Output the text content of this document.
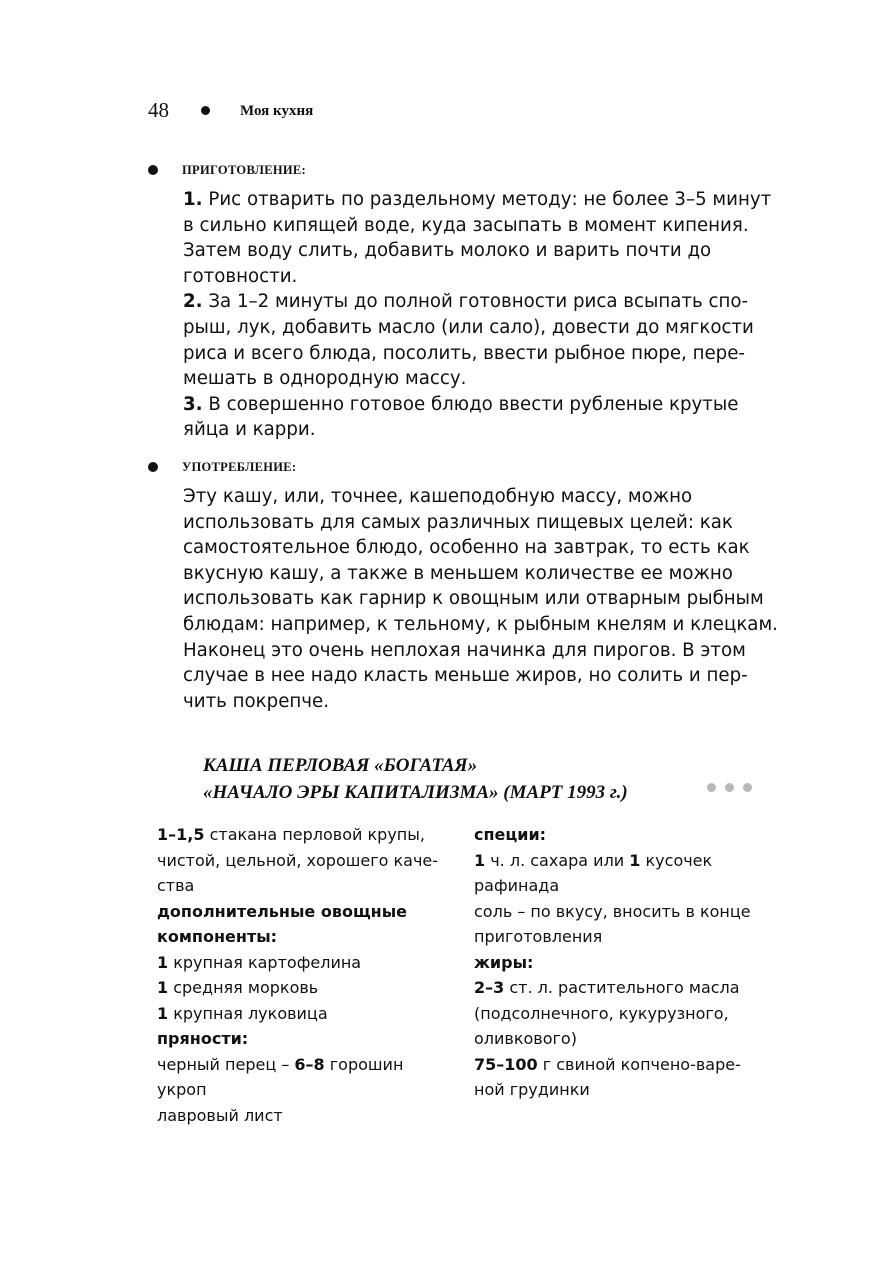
48	Моя кухня
ПРИГОТОВЛЕНИЕ:

1. Рис отварить по раздельному методу: не более 3–5 минут
в сильно кипящей воде, куда засыпать в момент кипения.
Затем воду слить, добавить молоко и варить почти до
готовности.

2. За 1–2 минуты до полной готовности риса всыпать спо-
рыш, лук, добавить масло (или сало), довести до мягкости
риса и всего блюда, посолить, ввести рыбное пюре, пере-
мешать в однородную массу.

3. В совершенно готовое блюдо ввести рубленые крутые
яйца и карри.

УПОТРЕБЛЕНИЕ:
Эту кашу, или, точнее, кашеподобную массу, можно
использовать для самых различных пищевых целей: как
самостоятельное блюдо, особенно на завтрак, то есть как
вкусную кашу, а также в меньшем количестве ее можно
использовать как гарнир к овощным или отварным рыбным
блюдам: например, к тельному, к рыбным кнелям и клецкам.
Наконец это очень неплохая начинка для пирогов. В этом
случае в нее надо класть меньше жиров, но солить и пер-
чить покрепче.
КАША ПЕРЛОВАЯ «БОГАТАЯ»
«НАЧАЛО ЭРЫ КАПИТАЛИЗМА» (МАРТ 1993 г.)
1–1,5 стакана перловой крупы,
чистой, цельной, хорошего каче-
ства
дополнительные овощные
компоненты:
1 крупная картофелина
1 средняя морковь
1 крупная луковица
пряности:
черный перец – 6–8 горошин
укроп
лавровый лист
специи:
1 ч. л. сахара или 1 кусочек
рафинада
соль – по вкусу, вносить в конце
приготовления
жиры:
2–3 ст. л. растительного масла
(подсолнечного, кукурузного,
оливкового)
75–100 г свиной копчено-варе-
ной грудинки
